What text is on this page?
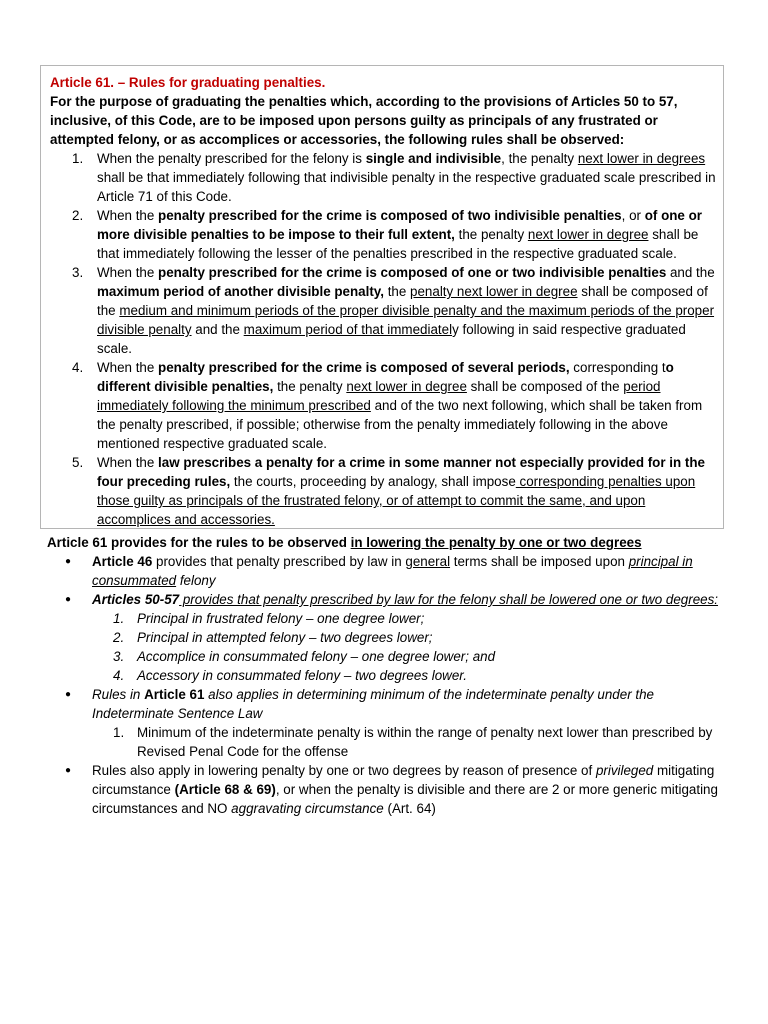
Article 61. – Rules for graduating penalties.

For the purpose of graduating the penalties which, according to the provisions of Articles 50 to 57, inclusive, of this Code, are to be imposed upon persons guilty as principals of any frustrated or attempted felony, or as accomplices or accessories, the following rules shall be observed:

1. When the penalty prescribed for the felony is single and indivisible, the penalty next lower in degrees shall be that immediately following that indivisible penalty in the respective graduated scale prescribed in Article 71 of this Code.
2. When the penalty prescribed for the crime is composed of two indivisible penalties, or of one or more divisible penalties to be impose to their full extent, the penalty next lower in degree shall be that immediately following the lesser of the penalties prescribed in the respective graduated scale.
3. When the penalty prescribed for the crime is composed of one or two indivisible penalties and the maximum period of another divisible penalty, the penalty next lower in degree shall be composed of the medium and minimum periods of the proper divisible penalty and the maximum periods of the proper divisible penalty and the maximum period of that immediately following in said respective graduated scale.
4. When the penalty prescribed for the crime is composed of several periods, corresponding to different divisible penalties, the penalty next lower in degree shall be composed of the period immediately following the minimum prescribed and of the two next following, which shall be taken from the penalty prescribed, if possible; otherwise from the penalty immediately following in the above mentioned respective graduated scale.
5. When the law prescribes a penalty for a crime in some manner not especially provided for in the four preceding rules, the courts, proceeding by analogy, shall impose corresponding penalties upon those guilty as principals of the frustrated felony, or of attempt to commit the same, and upon accomplices and accessories.

Article 61 provides for the rules to be observed in lowering the penalty by one or two degrees

● Article 46 provides that penalty prescribed by law in general terms shall be imposed upon principal in consummated felony
● Articles 50-57 provides that penalty prescribed by law for the felony shall be lowered one or two degrees:
1. Principal in frustrated felony – one degree lower;
2. Principal in attempted felony – two degrees lower;
3. Accomplice in consummated felony – one degree lower; and
4. Accessory in consummated felony – two degrees lower.
● Rules in Article 61 also applies in determining minimum of the indeterminate penalty under the Indeterminate Sentence Law
1. Minimum of the indeterminate penalty is within the range of penalty next lower than prescribed by Revised Penal Code for the offense
● Rules also apply in lowering penalty by one or two degrees by reason of presence of privileged mitigating circumstance (Article 68 & 69), or when the penalty is divisible and there are 2 or more generic mitigating circumstances and NO aggravating circumstance (Art. 64)
